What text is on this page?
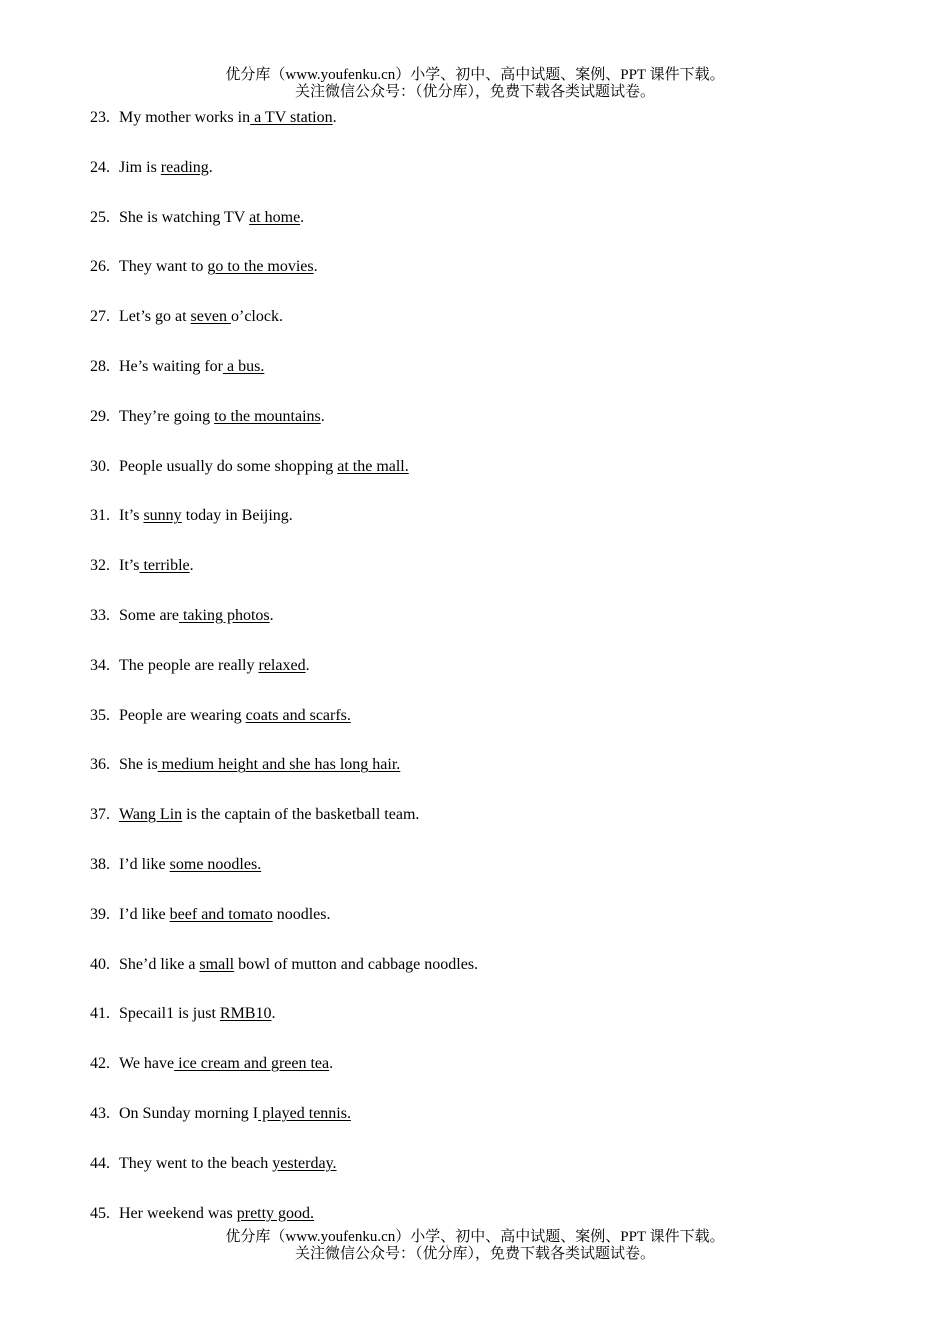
优分库（www.youfenku.cn）小学、初中、高中试题、案例、PPT 课件下载。
关注微信公众号：（优分库），免费下载各类试题试卷。
23. My mother works in a TV station.
24. Jim is reading.
25. She is watching TV at home.
26. They want to go to the movies.
27. Let’s go at seven o’clock.
28. He’s waiting for a bus.
29. They’re going to the mountains.
30. People usually do some shopping at the mall.
31. It’s sunny today in Beijing.
32. It’s terrible.
33. Some are taking photos.
34. The people are really relaxed.
35. People are wearing coats and scarfs.
36. She is medium height and she has long hair.
37. Wang Lin is the captain of the basketball team.
38. I’d like some noodles.
39. I’d like beef and tomato noodles.
40. She’d like a small bowl of mutton and cabbage noodles.
41. Specail1 is just RMB10.
42. We have ice cream and green tea.
43. On Sunday morning I played tennis.
44. They went to the beach yesterday.
45. Her weekend was pretty good.
优分库（www.youfenku.cn）小学、初中、高中试题、案例、PPT 课件下载。
关注微信公众号：（优分库），免费下载各类试题试卷。
